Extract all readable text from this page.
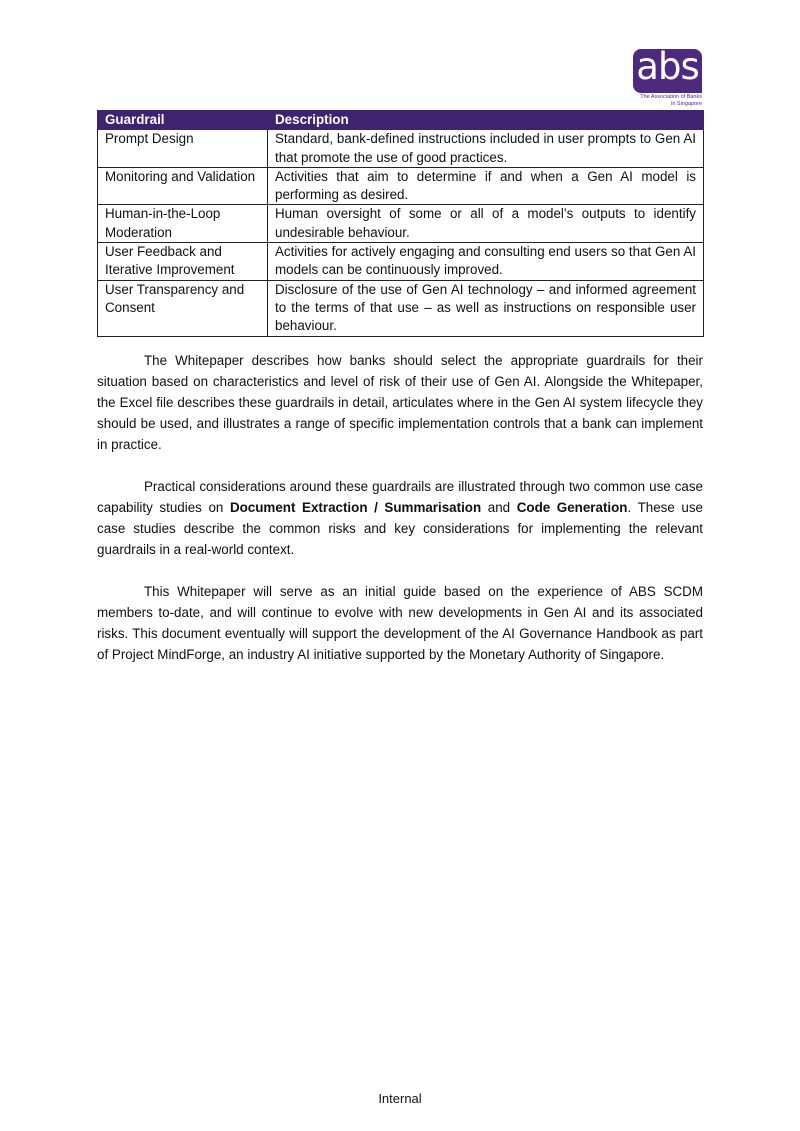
abs
The Association of Banks
in Singapore
Guardrail	Description
Prompt Design	Standard, bank-defined instructions included in user prompts to Gen AI that promote the use of good practices.
Monitoring and Validation	Activities that aim to determine if and when a Gen AI model is performing as desired.
Human-in-the-Loop Moderation	Human oversight of some or all of a model’s outputs to identify undesirable behaviour.
User Feedback and Iterative Improvement	Activities for actively engaging and consulting end users so that Gen AI models can be continuously improved.
User Transparency and Consent	Disclosure of the use of Gen AI technology – and informed agreement to the terms of that use – as well as instructions on responsible user behaviour.

The Whitepaper describes how banks should select the appropriate guardrails for their situation based on characteristics and level of risk of their use of Gen AI. Alongside the Whitepaper, the Excel file describes these guardrails in detail, articulates where in the Gen AI system lifecycle they should be used, and illustrates a range of specific implementation controls that a bank can implement in practice.

Practical considerations around these guardrails are illustrated through two common use case capability studies on Document Extraction / Summarisation and Code Generation. These use case studies describe the common risks and key considerations for implementing the relevant guardrails in a real-world context.

This Whitepaper will serve as an initial guide based on the experience of ABS SCDM members to-date, and will continue to evolve with new developments in Gen AI and its associated risks. This document eventually will support the development of the AI Governance Handbook as part of Project MindForge, an industry AI initiative supported by the Monetary Authority of Singapore.

Internal
